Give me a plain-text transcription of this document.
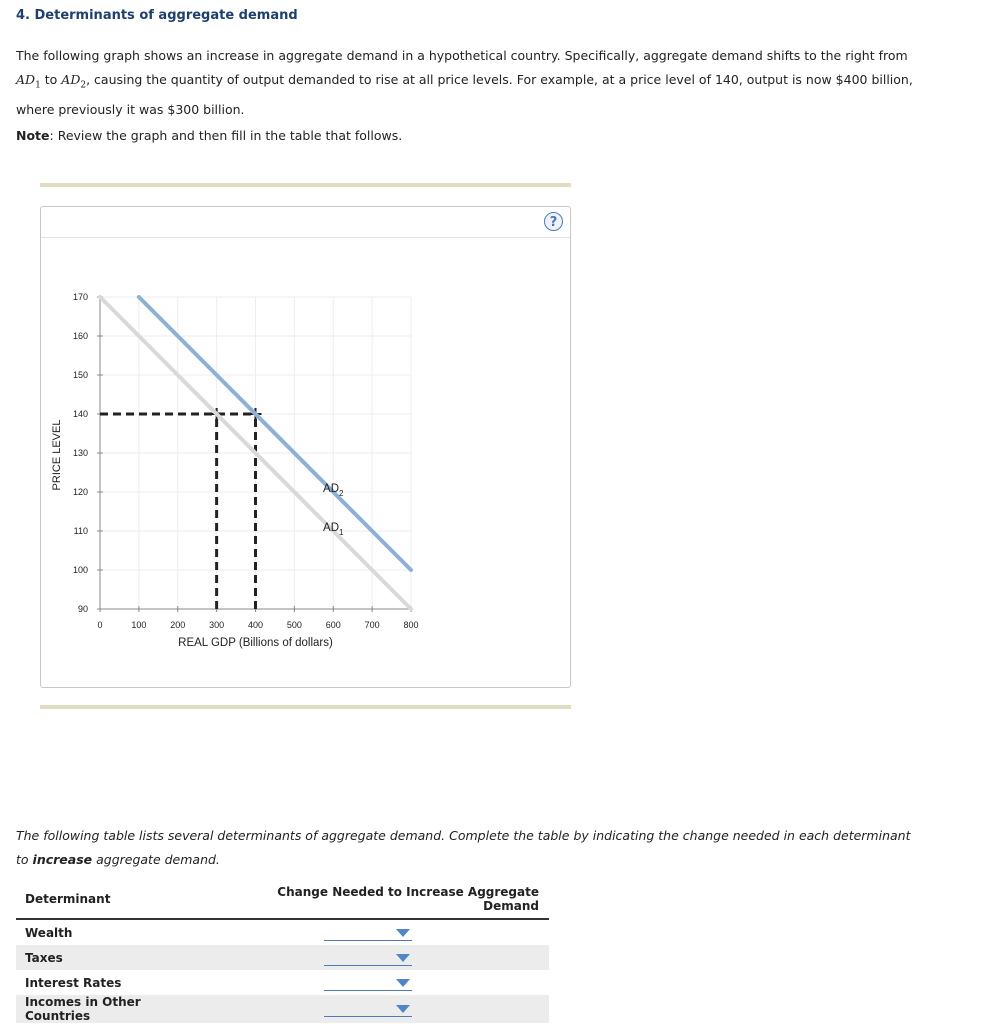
4. Determinants of aggregate demand
The following graph shows an increase in aggregate demand in a hypothetical country. Specifically, aggregate demand shifts to the right from $AD_1$ to $AD_2$, causing the quantity of output demanded to rise at all price levels. For example, at a price level of 140, output is now $400 billion, where previously it was $300 billion.
Note: Review the graph and then fill in the table that follows.
?
0	100	200	300	400	500	600	700	800
90
100
110
120
130
140
150
160
170
REAL GDP (Billions of dollars)
PRICE LEVEL
$AD_1$
$AD_2$
The following table lists several determinants of aggregate demand. Complete the table by indicating the change needed in each determinant to increase aggregate demand.
Determinant	Change Needed to Increase Aggregate Demand
Wealth	

Taxes	

Interest Rates	

Incomes in Other Countries	
